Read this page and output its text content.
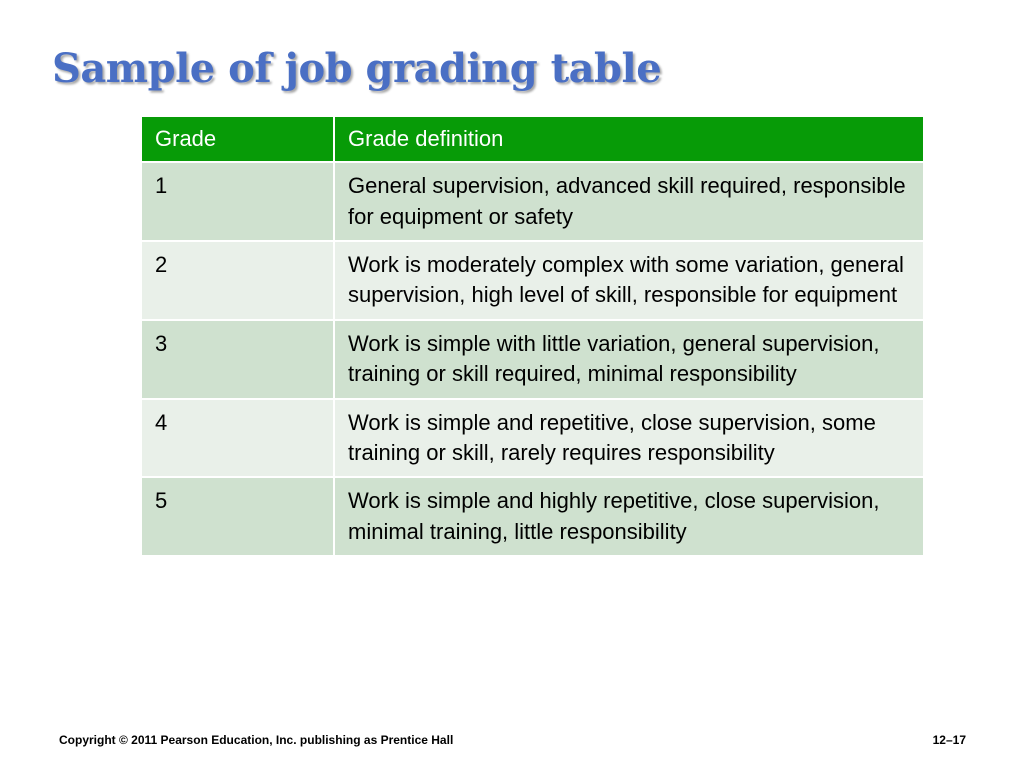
Sample of job grading table
Grade	Grade definition
1	General supervision, advanced skill required, responsible for equipment or safety
2	Work is moderately complex with some variation, general supervision, high level of skill, responsible for equipment
3	Work is simple with little variation, general supervision, training or skill required, minimal responsibility
4	Work is simple and repetitive, close supervision, some training or skill, rarely requires responsibility
5	Work is simple and highly repetitive, close supervision, minimal training, little responsibility
Copyright © 2011 Pearson Education, Inc. publishing as Prentice Hall	12–17
